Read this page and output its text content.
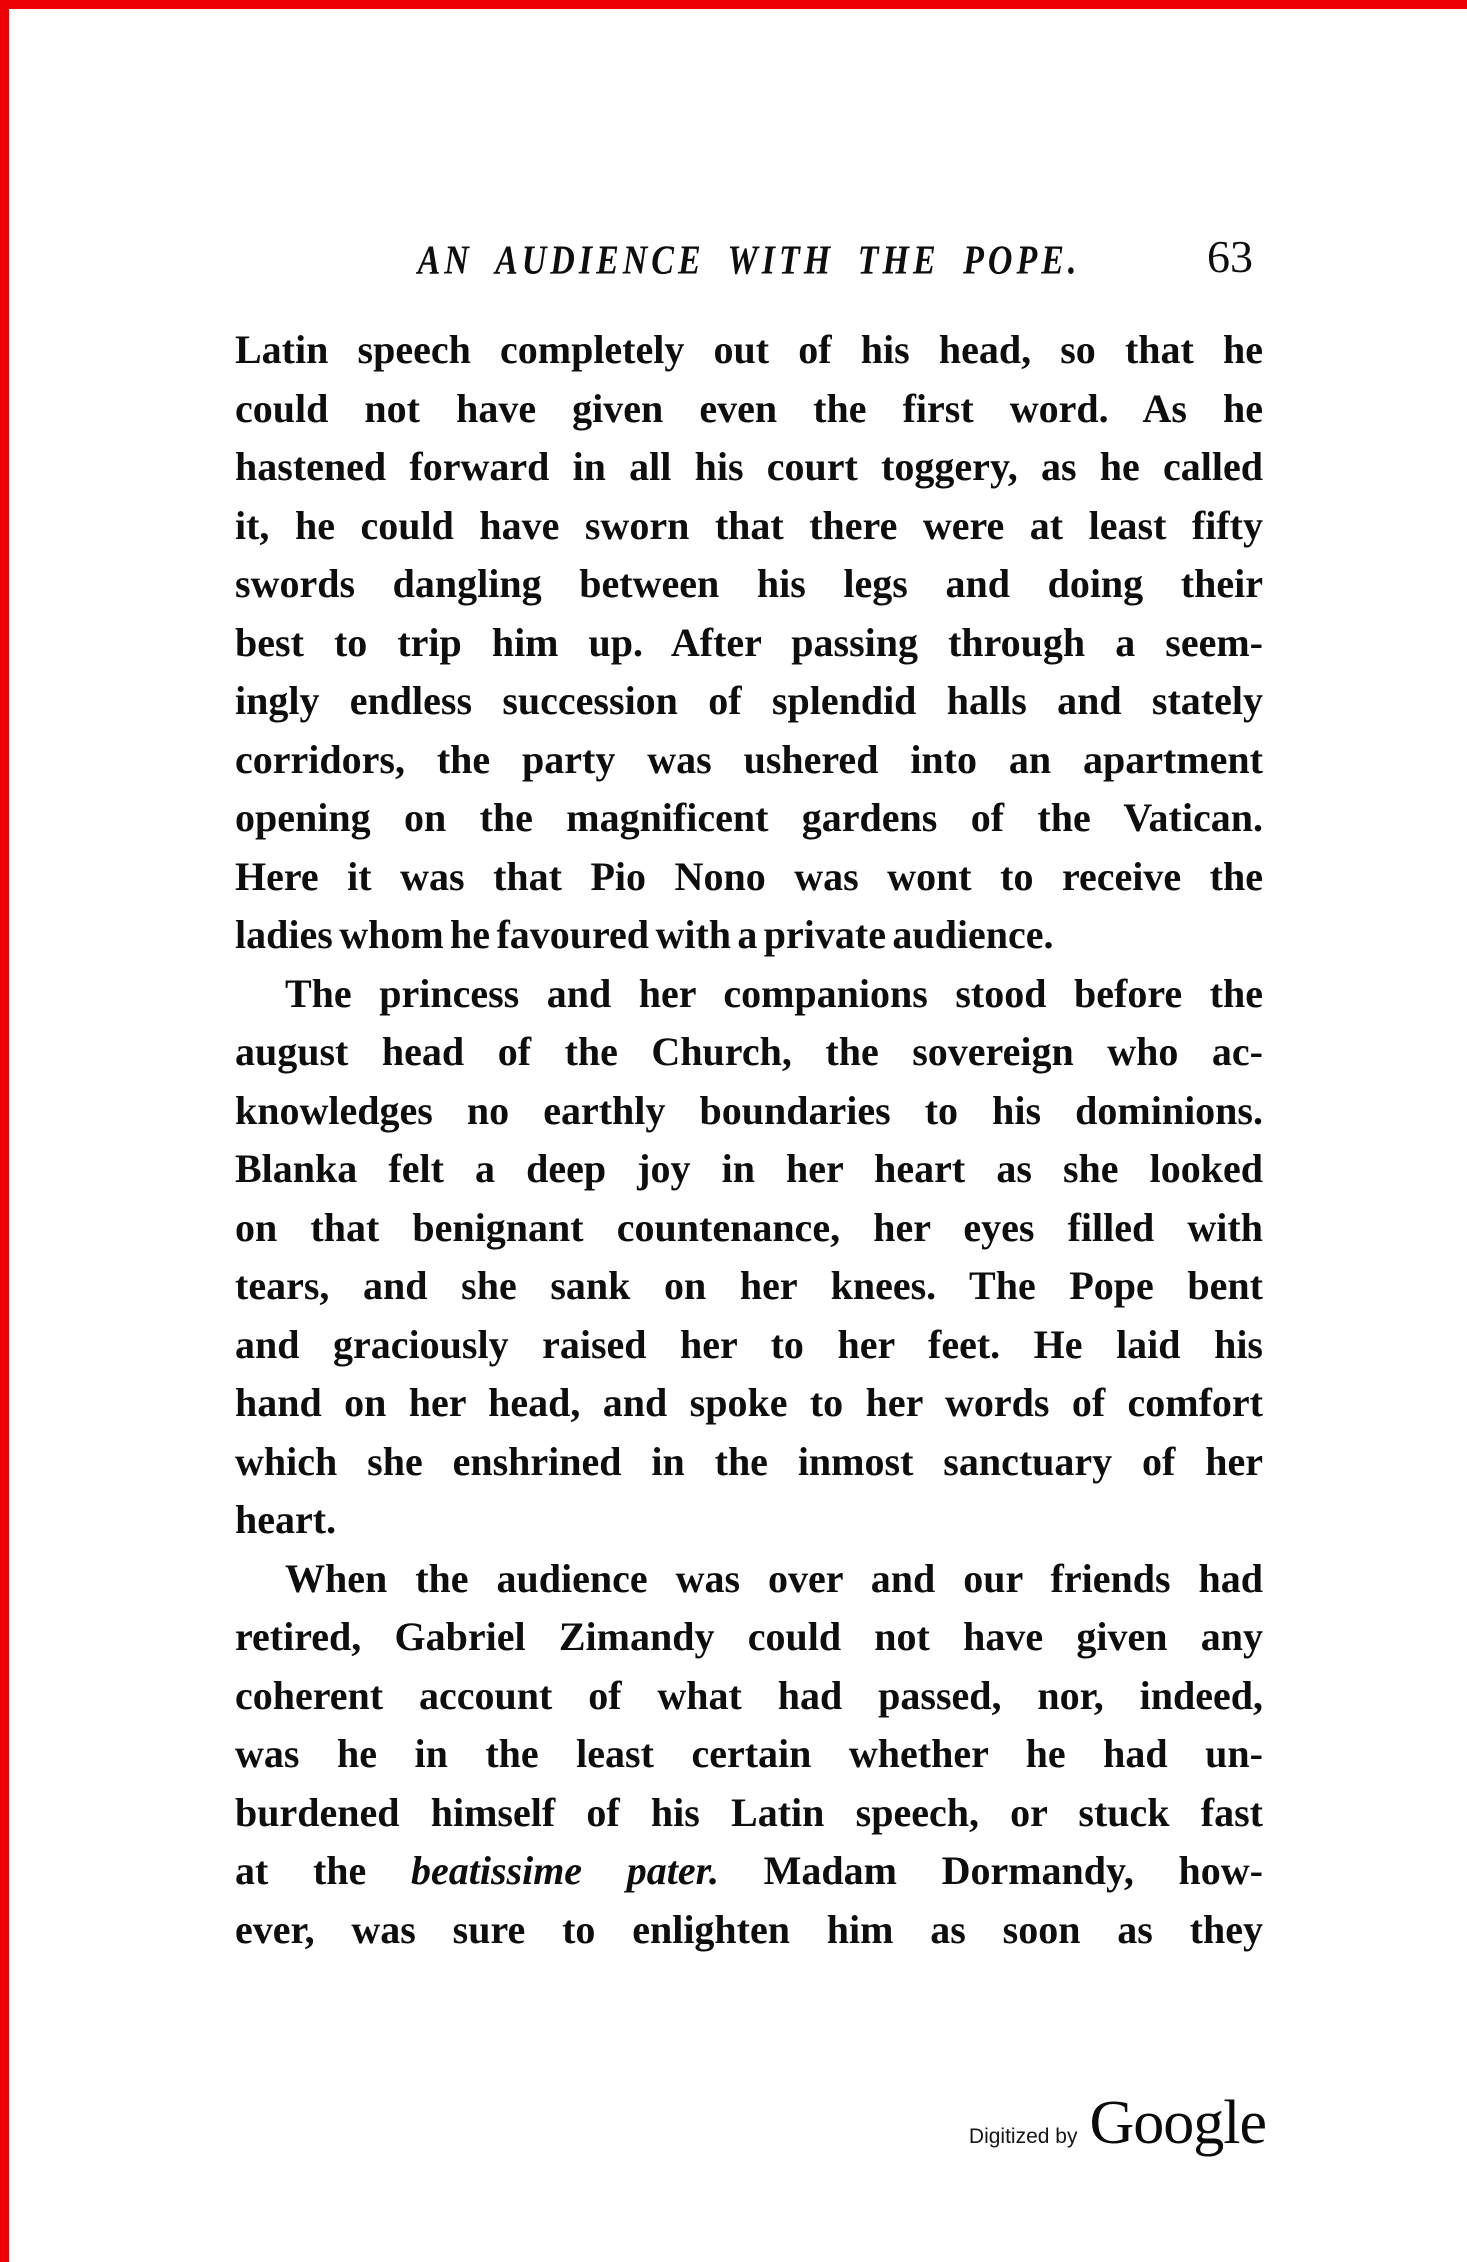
AN AUDIENCE WITH THE POPE.	63
Latin speech completely out of his head, so that he
could not have given even the first word. As he
hastened forward in all his court toggery, as he called
it, he could have sworn that there were at least fifty
swords dangling between his legs and doing their
best to trip him up. After passing through a seem-
ingly endless succession of splendid halls and stately
corridors, the party was ushered into an apartment
opening on the magnificent gardens of the Vatican.
Here it was that Pio Nono was wont to receive the
ladies whom he favoured with a private audience.
The princess and her companions stood before the
august head of the Church, the sovereign who ac-
knowledges no earthly boundaries to his dominions.
Blanka felt a deep joy in her heart as she looked
on that benignant countenance, her eyes filled with
tears, and she sank on her knees. The Pope bent
and graciously raised her to her feet. He laid his
hand on her head, and spoke to her words of comfort
which she enshrined in the inmost sanctuary of her
heart.
When the audience was over and our friends had
retired, Gabriel Zimandy could not have given any
coherent account of what had passed, nor, indeed,
was he in the least certain whether he had un-
burdened himself of his Latin speech, or stuck fast
at the beatissime pater. Madam Dormandy, how-
ever, was sure to enlighten him as soon as they
Digitized by Google
